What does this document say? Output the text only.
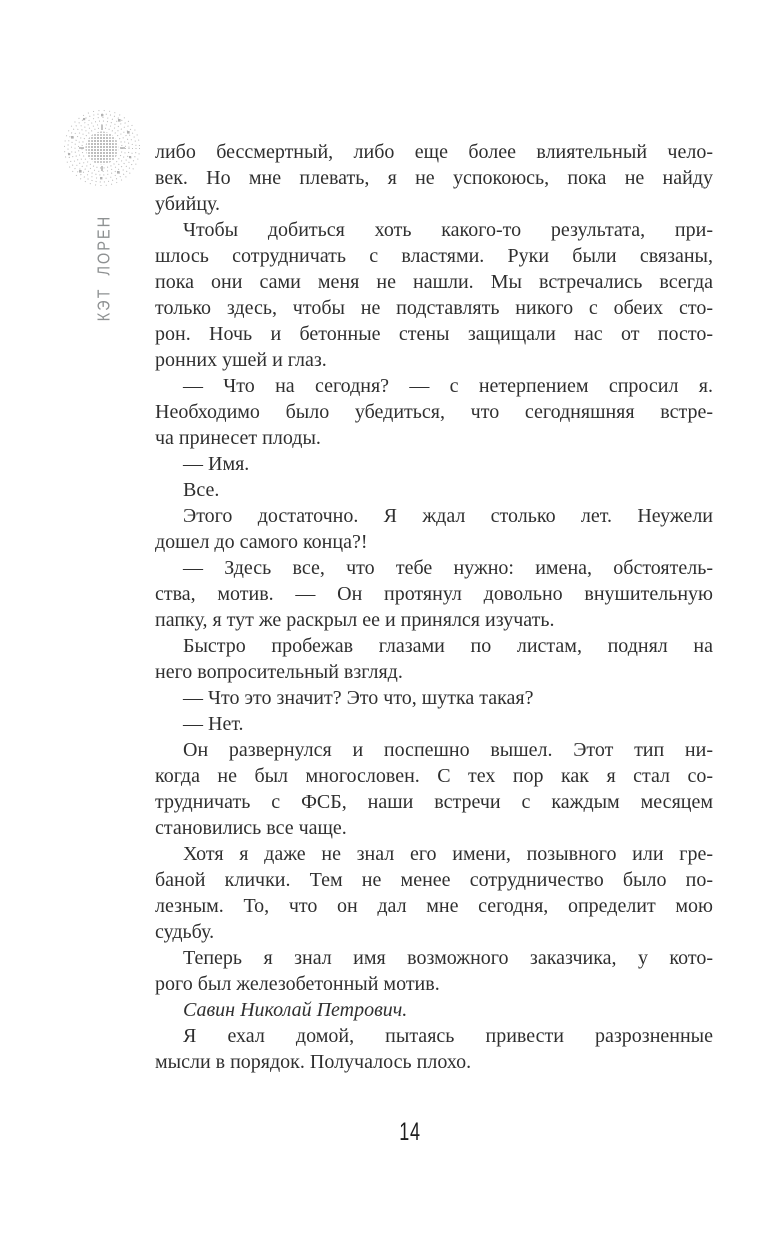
КЭТ ЛОРЕН
либо бессмертный, либо еще более влиятельный чело-
век. Но мне плевать, я не успокоюсь, пока не найду
убийцу.
Чтобы добиться хоть какого-то результата, при-
шлось сотрудничать с властями. Руки были связаны,
пока они сами меня не нашли. Мы встречались всегда
только здесь, чтобы не подставлять никого с обеих сто-
рон. Ночь и бетонные стены защищали нас от посто-
ронних ушей и глаз.
— Что на сегодня? — с нетерпением спросил я.
Необходимо было убедиться, что сегодняшняя встре-
ча принесет плоды.
— Имя.
Все.
Этого достаточно. Я ждал столько лет. Неужели
дошел до самого конца?!
— Здесь все, что тебе нужно: имена, обстоятель-
ства, мотив. — Он протянул довольно внушительную
папку, я тут же раскрыл ее и принялся изучать.
Быстро пробежав глазами по листам, поднял на
него вопросительный взгляд.
— Что это значит? Это что, шутка такая?
— Нет.
Он развернулся и поспешно вышел. Этот тип ни-
когда не был многословен. С тех пор как я стал со-
трудничать с ФСБ, наши встречи с каждым месяцем
становились все чаще.
Хотя я даже не знал его имени, позывного или гре-
баной клички. Тем не менее сотрудничество было по-
лезным. То, что он дал мне сегодня, определит мою
судьбу.
Теперь я знал имя возможного заказчика, у кото-
рого был железобетонный мотив.
Савин Николай Петрович.
Я ехал домой, пытаясь привести разрозненные
мысли в порядок. Получалось плохо.
14
